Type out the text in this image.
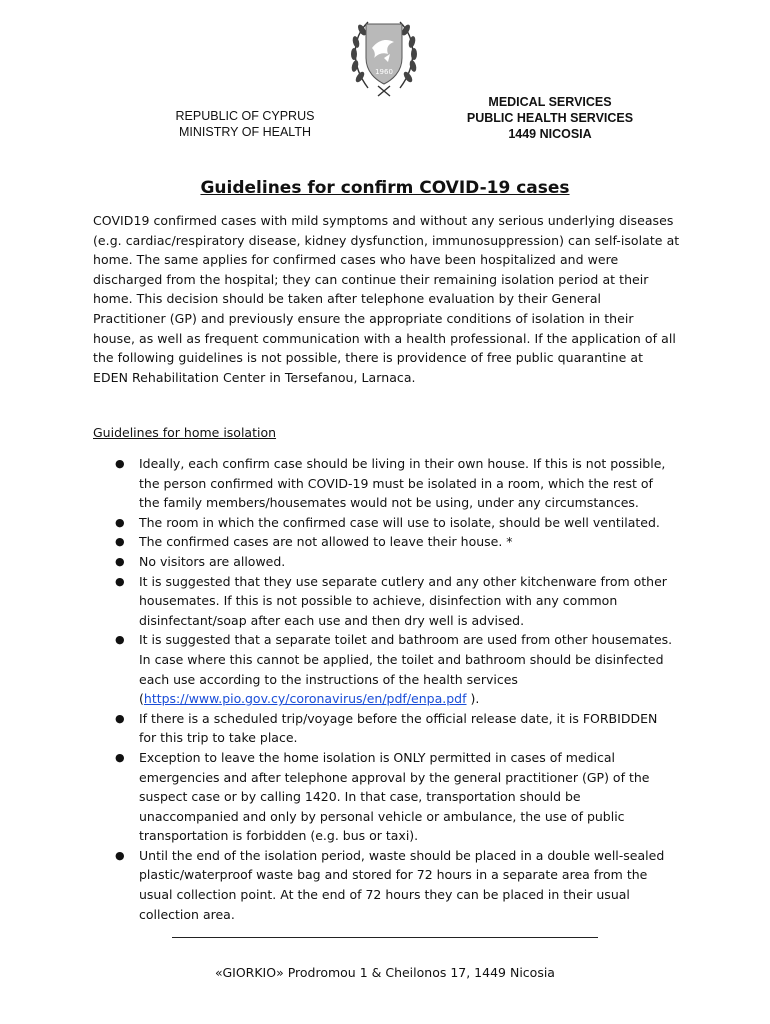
1960
REPUBLIC OF CYPRUS
MINISTRY OF HEALTH
MEDICAL SERVICES
PUBLIC HEALTH SERVICES
1449 NICOSIA
Guidelines for confirm COVID-19 cases
COVID19 confirmed cases with mild symptoms and without any serious underlying diseases
(e.g. cardiac/respiratory disease, kidney dysfunction, immunosuppression) can self-isolate at
home. The same applies for confirmed cases who have been hospitalized and were
discharged from the hospital; they can continue their remaining isolation period at their
home. This decision should be taken after telephone evaluation by their General
Practitioner (GP) and previously ensure the appropriate conditions of isolation in their
house, as well as frequent communication with a health professional. If the application of all
the following guidelines is not possible, there is providence of free public quarantine at
EDEN Rehabilitation Center in Tersefanou, Larnaca.
Guidelines for home isolation
● Ideally, each confirm case should be living in their own house. If this is not possible,
the person confirmed with COVID-19 must be isolated in a room, which the rest of
the family members/housemates would not be using, under any circumstances.
● The room in which the confirmed case will use to isolate, should be well ventilated.
● The confirmed cases are not allowed to leave their house. *
● No visitors are allowed.
● It is suggested that they use separate cutlery and any other kitchenware from other
housemates. If this is not possible to achieve, disinfection with any common
disinfectant/soap after each use and then dry well is advised.
● It is suggested that a separate toilet and bathroom are used from other housemates.
In case where this cannot be applied, the toilet and bathroom should be disinfected
each use according to the instructions of the health services
(https://www.pio.gov.cy/coronavirus/en/pdf/enpa.pdf ).
● If there is a scheduled trip/voyage before the official release date, it is FORBIDDEN
for this trip to take place.
● Exception to leave the home isolation is ONLY permitted in cases of medical
emergencies and after telephone approval by the general practitioner (GP) of the
suspect case or by calling 1420. In that case, transportation should be
unaccompanied and only by personal vehicle or ambulance, the use of public
transportation is forbidden (e.g. bus or taxi).
● Until the end of the isolation period, waste should be placed in a double well-sealed
plastic/waterproof waste bag and stored for 72 hours in a separate area from the
usual collection point. At the end of 72 hours they can be placed in their usual
collection area.
«GIORKIO» Prodromou 1 & Cheilonos 17, 1449 Nicosia
